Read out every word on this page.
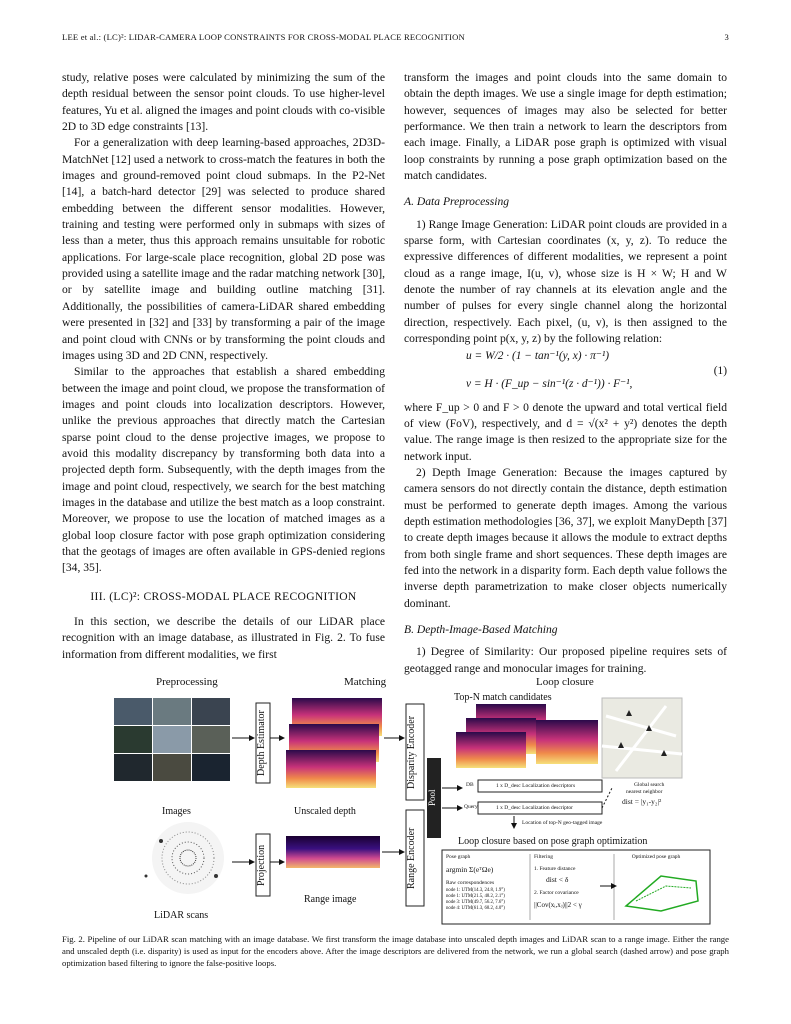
LEE et al.: (LC)²: LIDAR-CAMERA LOOP CONSTRAINTS FOR CROSS-MODAL PLACE RECOGNITION	3

study, relative poses were calculated by minimizing the sum of the depth residual between the sensor point clouds. To use higher-level features, Yu et al. aligned the images and point clouds with co-visible 2D to 3D edge constraints [13].

For a generalization with deep learning-based approaches, 2D3D-MatchNet [12] used a network to cross-match the features in both the images and ground-removed point cloud submaps. In the P2-Net [14], a batch-hard detector [29] was selected to produce shared embedding between the different sensor modalities. However, training and testing were performed only in submaps with sizes of less than a meter, thus this approach remains unsuitable for robotic applications. For large-scale place recognition, global 2D pose was provided using a satellite image and the radar matching network [30], or by satellite image and building outline matching [31]. Additionally, the possibilities of camera-LiDAR shared embedding were presented in [32] and [33] by transforming a pair of the image and point cloud with CNNs or by transforming the point clouds and images using 3D and 2D CNN, respectively.

Similar to the approaches that establish a shared embedding between the image and point cloud, we propose the transformation of images and point clouds into localization descriptors. However, unlike the previous approaches that directly match the Cartesian sparse point cloud to the dense projective images, we propose to avoid this modality discrepancy by transforming both data into a projected depth form. Subsequently, with the depth images from the image and point cloud, respectively, we search for the best matching images in the database and utilize the best match as a loop constraint. Moreover, we propose to use the location of matched images as a global loop closure factor with pose graph optimization considering that the geotags of images are often available in GPS-denied regions [34, 35].

III. (LC)²: CROSS-MODAL PLACE RECOGNITION

In this section, we describe the details of our LiDAR place recognition with an image database, as illustrated in Fig. 2. To fuse information from different modalities, we first

transform the images and point clouds into the same domain to obtain the depth images. We use a single image for depth estimation; however, sequences of images may also be selected for better performance. We then train a network to learn the descriptors from each image. Finally, a LiDAR pose graph is optimized with visual loop constraints by running a pose graph optimization based on the match candidates.

A. Data Preprocessing

1) Range Image Generation: LiDAR point clouds are provided in a sparse form, with Cartesian coordinates (x, y, z). To reduce the expressive differences of different modalities, we represent a point cloud as a range image, I(u, v), whose size is H × W; H and W denote the number of ray channels at its elevation angle and the number of pulses for every single channel along the horizontal direction, respectively. Each pixel, (u, v), is then assigned to the corresponding point p(x, y, z) by the following relation:

u = W/2 · (1 − tan⁻¹(y, x) · π⁻¹)
v = H · (F_up − sin⁻¹(z · d⁻¹)) · F⁻¹,
(1)

where F_up > 0 and F > 0 denote the upward and total vertical field of view (FoV), respectively, and d = √(x² + y²) denotes the depth value. The range image is then resized to the appropriate size for the network input.

2) Depth Image Generation: Because the images captured by camera sensors do not directly contain the distance, depth estimation must be performed to generate depth images. Among the various depth estimation methodologies [36, 37], we exploit ManyDepth [37] to create depth images because it allows the module to extract depths from both single frame and short sequences. These depth images are fed into the network in a disparity form. Each depth value follows the inverse depth parametrization to make closer objects numerically dominant.

B. Depth-Image-Based Matching

1) Degree of Similarity: Our proposed pipeline requires sets of geotagged range and monocular images for training.

Preprocessing	Matching	Loop closure
Top-N match candidates
Depth Estimator	Disparity Encoder
Range Encoder
Pool
Projection
Images	Unscaled depth
Range image
LiDAR scans
DB
Query
1 x D_desc Localization descriptors
1 x D_desc Localization descriptor
Global search
nearest neighbor
dist = |y₁-y₂|²
Location of top-N geo-tagged image
Loop closure based on pose graph optimization
Pose graph
argmin Σ(eᵀΩe)
Raw correspondences
node 1: UTM(14.3, 24.8, 1.9°)
node 1: UTM(21.5, 48.2, 2.1°)
node 3: UTM(49.7, 56.2, 7.6°)
node 4: UTM(61.3, 68.2, 4.0°)
Filtering
1. Feature distance
dist < δ
2. Factor covariance
||Cov(xᵢ,xⱼ)||2 < γ
Optimized pose graph
Fig. 2. Pipeline of our LiDAR scan matching with an image database. We first transform the image database into unscaled depth images and LiDAR scan to a range image. Either the range and unscaled depth (i.e. disparity) is used as input for the encoders above. After the image descriptors are delivered from the network, we run a global search (dashed arrow) and pose graph optimization based filtering to ignore the false-positive loops.
